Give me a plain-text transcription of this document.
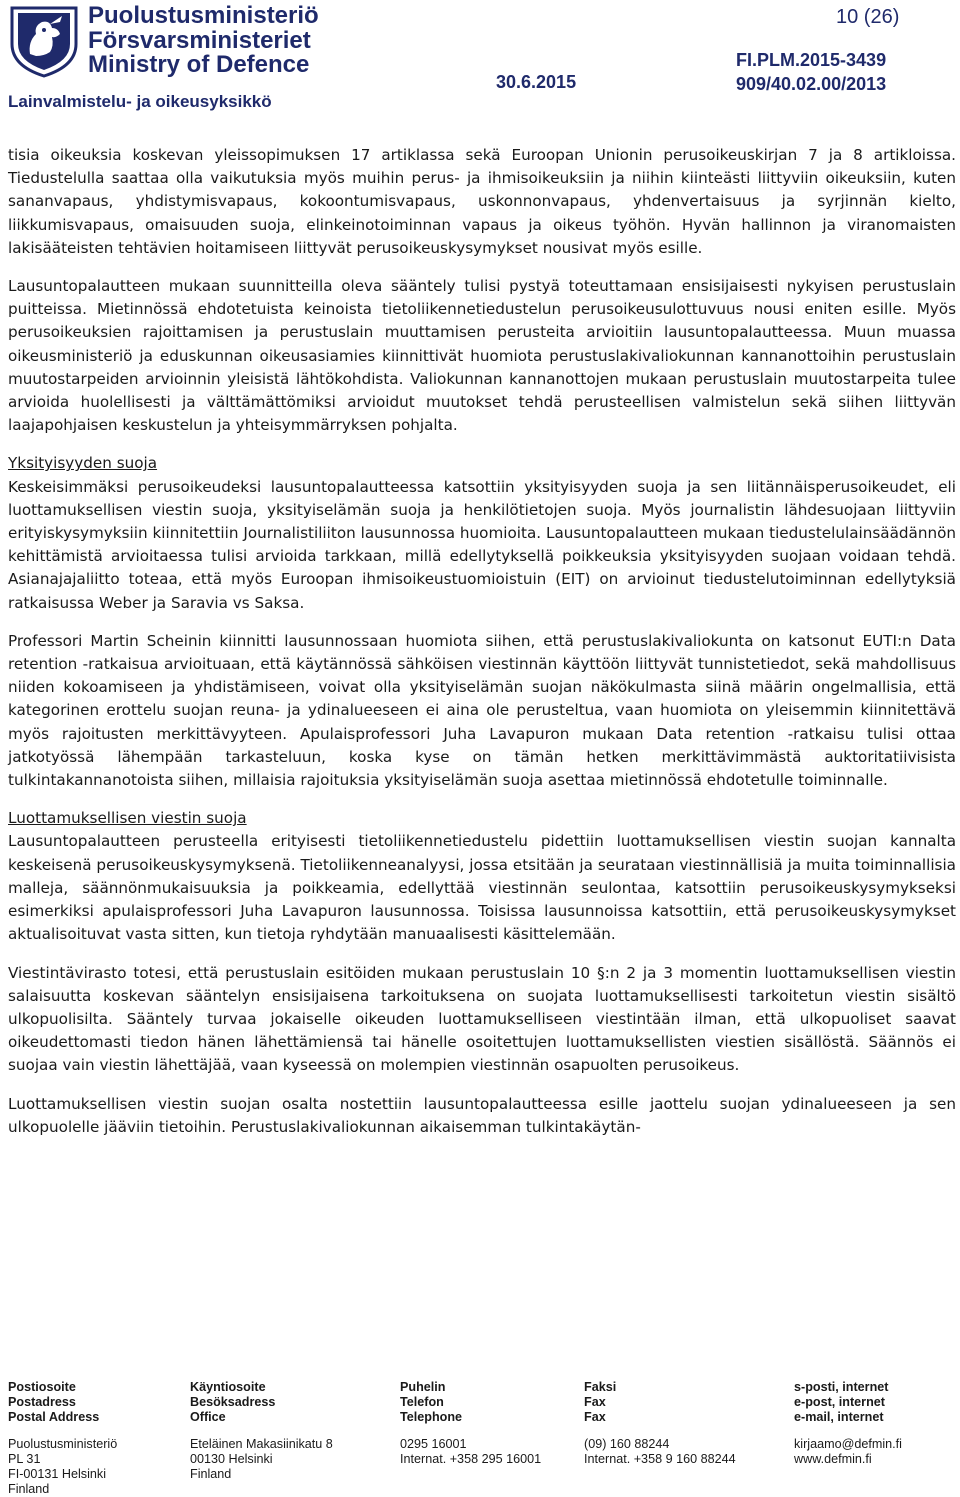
Puolustusministeriö
Försvarsministeriet
Ministry of Defence
Lainvalmistelu- ja oikeusyksikkö
10 (26)
FI.PLM.2015-3439
909/40.02.00/2013
30.6.2015

tisia oikeuksia koskevan yleissopimuksen 17 artiklassa sekä Euroopan Unionin perusoikeuskirjan 7 ja 8 artikloissa. Tiedustelulla saattaa olla vaikutuksia myös muihin perus- ja ihmisoikeuksiin ja niihin kiinteästi liittyviin oikeuksiin, kuten sananvapaus, yhdistymisvapaus, kokoontumisvapaus, uskonnonvapaus, yhdenvertaisuus ja syrjinnän kielto, liikkumisvapaus, omaisuuden suoja, elinkeinotoiminnan vapaus ja oikeus työhön. Hyvän hallinnon ja viranomaisten lakisääteisten tehtävien hoitamiseen liittyvät perusoikeuskysymykset nousivat myös esille.

Lausuntopalautteen mukaan suunnitteilla oleva sääntely tulisi pystyä toteuttamaan ensisijaisesti nykyisen perustuslain puitteissa. Mietinnössä ehdotetuista keinoista tietoliikennetiedustelun perusoikeusulottuvuus nousi eniten esille. Myös perusoikeuksien rajoittamisen ja perustuslain muuttamisen perusteita arvioitiin lausuntopalautteessa. Muun muassa oikeusministeriö ja eduskunnan oikeusasiamies kiinnittivät huomiota perustuslakivaliokunnan kannanottoihin perustuslain muutostarpeiden arvioinnin yleisistä lähtökohdista. Valiokunnan kannanottojen mukaan perustuslain muutostarpeita tulee arvioida huolellisesti ja välttämättömiksi arvioidut muutokset tehdä perusteellisen valmistelun sekä siihen liittyvän laajapohjaisen keskustelun ja yhteisymmärryksen pohjalta.

Yksityisyyden suoja
Keskeisimmäksi perusoikeudeksi lausuntopalautteessa katsottiin yksityisyyden suoja ja sen liitännäisperusoikeudet, eli luottamuksellisen viestin suoja, yksityiselämän suoja ja henkilötietojen suoja. Myös journalistin lähdesuojaan liittyviin erityiskysymyksiin kiinnitettiin Journalistiliiton lausunnossa huomioita. Lausuntopalautteen mukaan tiedustelulainsäädännön kehittämistä arvioitaessa tulisi arvioida tarkkaan, millä edellytyksellä poikkeuksia yksityisyyden suojaan voidaan tehdä. Asianajajaliitto toteaa, että myös Euroopan ihmisoikeustuomioistuin (EIT) on arvioinut tiedustelutoiminnan edellytyksiä ratkaisussa Weber ja Saravia vs Saksa.

Professori Martin Scheinin kiinnitti lausunnossaan huomiota siihen, että perustuslakivaliokunta on katsonut EUTI:n Data retention -ratkaisua arvioituaan, että käytännössä sähköisen viestinnän käyttöön liittyvät tunnistetiedot, sekä mahdollisuus niiden kokoamiseen ja yhdistämiseen, voivat olla yksityiselämän suojan näkökulmasta siinä määrin ongelmallisia, että kategorinen erottelu suojan reuna- ja ydinalueeseen ei aina ole perusteltua, vaan huomiota on yleisemmin kiinnitettävä myös rajoitusten merkittävyyteen. Apulaisprofessori Juha Lavapuron mukaan Data retention -ratkaisu tulisi ottaa jatkotyössä lähempään tarkasteluun, koska kyse on tämän hetken merkittävimmästä auktoritatiivisista tulkintakannanotoista siihen, millaisia rajoituksia yksityiselämän suoja asettaa mietinnössä ehdotetulle toiminnalle.

Luottamuksellisen viestin suoja
Lausuntopalautteen perusteella erityisesti tietoliikennetiedustelu pidettiin luottamuksellisen viestin suojan kannalta keskeisenä perusoikeuskysymyksenä. Tietoliikenneanalyysi, jossa etsitään ja seurataan viestinnällisiä ja muita toiminnallisia malleja, säännönmukaisuuksia ja poikkeamia, edellyttää viestinnän seulontaa, katsottiin perusoikeuskysymykseksi esimerkiksi apulaisprofessori Juha Lavapuron lausunnossa. Toisissa lausunnoissa katsottiin, että perusoikeuskysymykset aktualisoituvat vasta sitten, kun tietoja ryhdytään manuaalisesti käsittelemään.

Viestintävirasto totesi, että perustuslain esitöiden mukaan perustuslain 10 §:n 2 ja 3 momentin luottamuksellisen viestin salaisuutta koskevan sääntelyn ensisijaisena tarkoituksena on suojata luottamuksellisesti tarkoitetun viestin sisältö ulkopuolisilta. Sääntely turvaa jokaiselle oikeuden luottamukselliseen viestintään ilman, että ulkopuoliset saavat oikeudettomasti tiedon hänen lähettämiensä tai hänelle osoitettujen luottamuksellisten viestien sisällöstä. Säännös ei suojaa vain viestin lähettäjää, vaan kyseessä on molempien viestinnän osapuolten perusoikeus.

Luottamuksellisen viestin suojan osalta nostettiin lausuntopalautteessa esille jaottelu suojan ydinalueeseen ja sen ulkopuolelle jääviin tietoihin. Perustuslakivaliokunnan aikaisemman tulkintakäytän-

Postiosoite
Postadress
Postal Address
Puolustusministeriö
PL 31
FI-00131 Helsinki
Finland
Käyntiosoite
Besöksadress
Office
Eteläinen Makasiinikatu 8
00130 Helsinki
Finland
Puhelin
Telefon
Telephone
0295 16001
Internat. +358 295 16001
Faksi
Fax
Fax
(09) 160 88244
Internat. +358 9 160 88244
s-posti, internet
e-post, internet
e-mail, internet
kirjaamo@defmin.fi
www.defmin.fi
